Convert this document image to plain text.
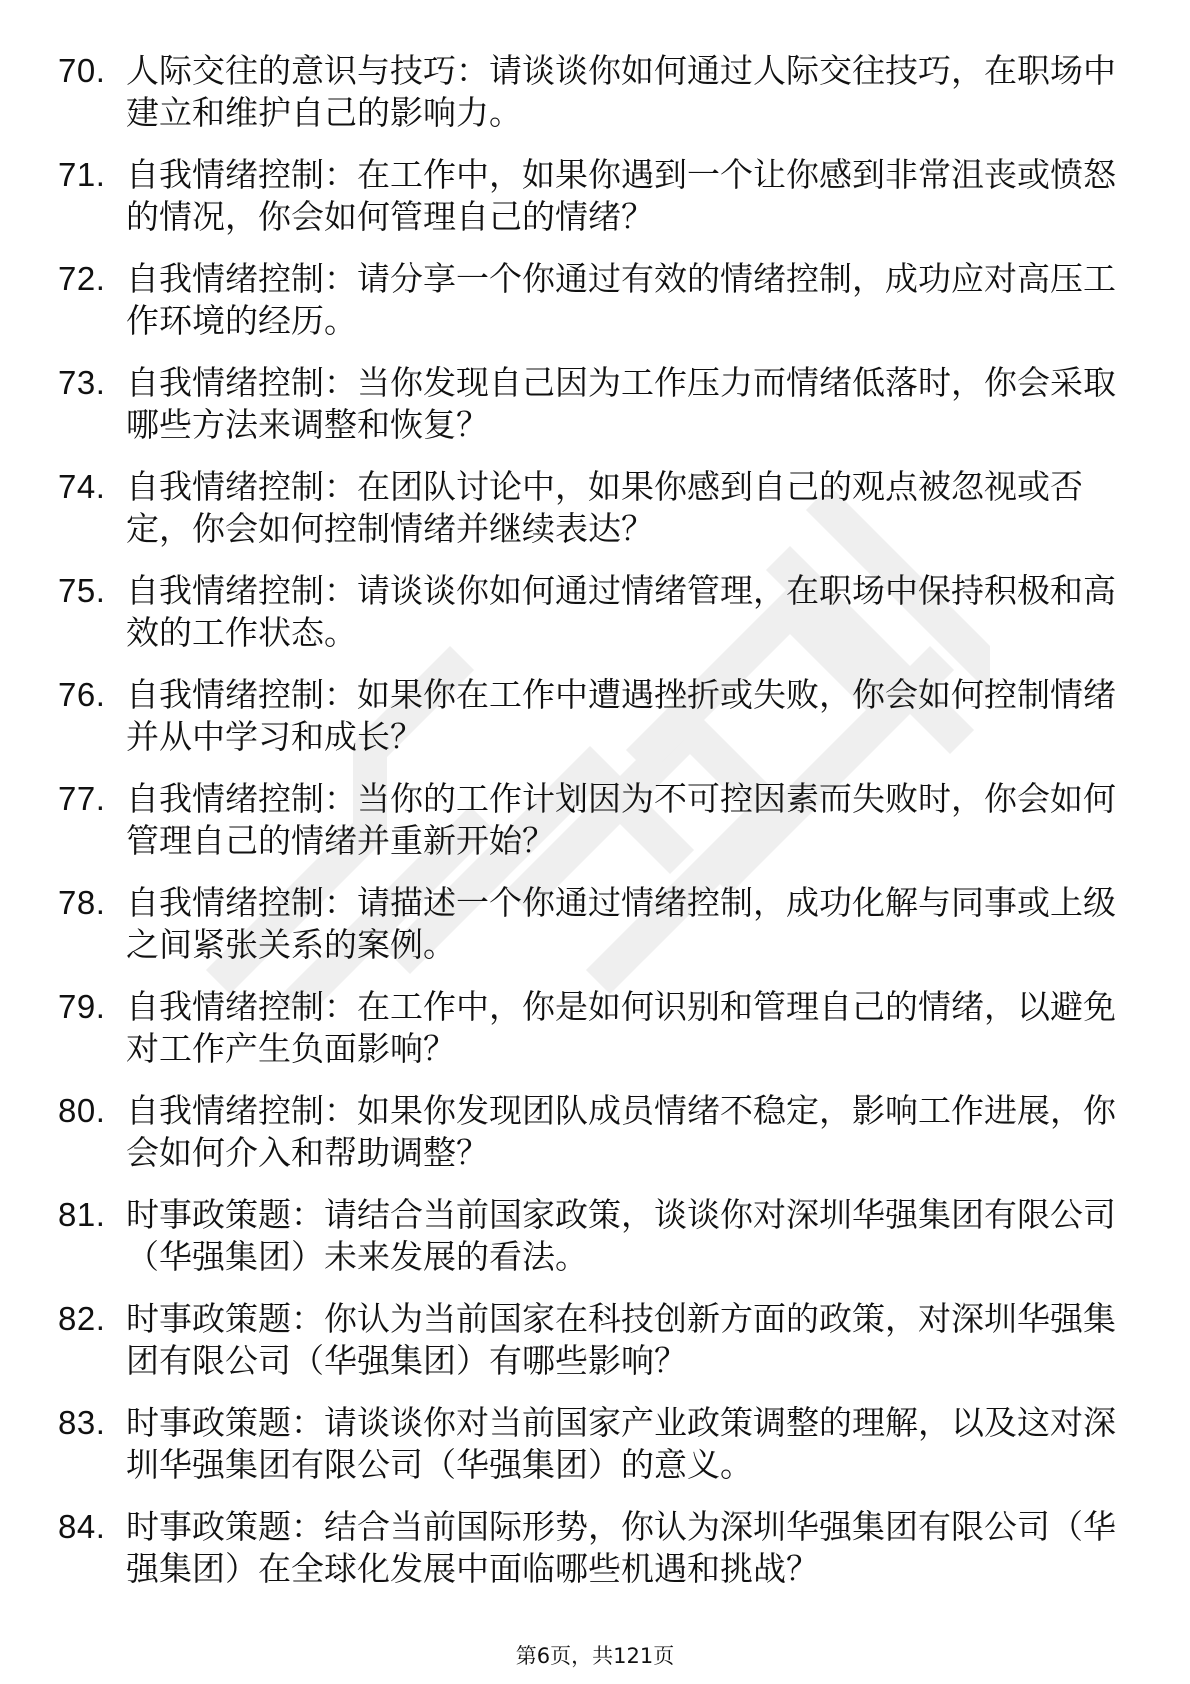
70. 人际交往的意识与技巧：请谈谈你如何通过人际交往技巧，在职场中建立和维护自己的影响力。
71. 自我情绪控制：在工作中，如果你遇到一个让你感到非常沮丧或愤怒的情况，你会如何管理自己的情绪？
72. 自我情绪控制：请分享一个你通过有效的情绪控制，成功应对高压工作环境的经历。
73. 自我情绪控制：当你发现自己因为工作压力而情绪低落时，你会采取哪些方法来调整和恢复？
74. 自我情绪控制：在团队讨论中，如果你感到自己的观点被忽视或否定，你会如何控制情绪并继续表达？
75. 自我情绪控制：请谈谈你如何通过情绪管理，在职场中保持积极和高效的工作状态。
76. 自我情绪控制：如果你在工作中遭遇挫折或失败，你会如何控制情绪并从中学习和成长？
77. 自我情绪控制：当你的工作计划因为不可控因素而失败时，你会如何管理自己的情绪并重新开始？
78. 自我情绪控制：请描述一个你通过情绪控制，成功化解与同事或上级之间紧张关系的案例。
79. 自我情绪控制：在工作中，你是如何识别和管理自己的情绪，以避免对工作产生负面影响？
80. 自我情绪控制：如果你发现团队成员情绪不稳定，影响工作进展，你会如何介入和帮助调整？
81. 时事政策题：请结合当前国家政策，谈谈你对深圳华强集团有限公司（华强集团）未来发展的看法。
82. 时事政策题：你认为当前国家在科技创新方面的政策，对深圳华强集团有限公司（华强集团）有哪些影响？
83. 时事政策题：请谈谈你对当前国家产业政策调整的理解，以及这对深圳华强集团有限公司（华强集团）的意义。
84. 时事政策题：结合当前国际形势，你认为深圳华强集团有限公司（华强集团）在全球化发展中面临哪些机遇和挑战？
第6页，共121页
